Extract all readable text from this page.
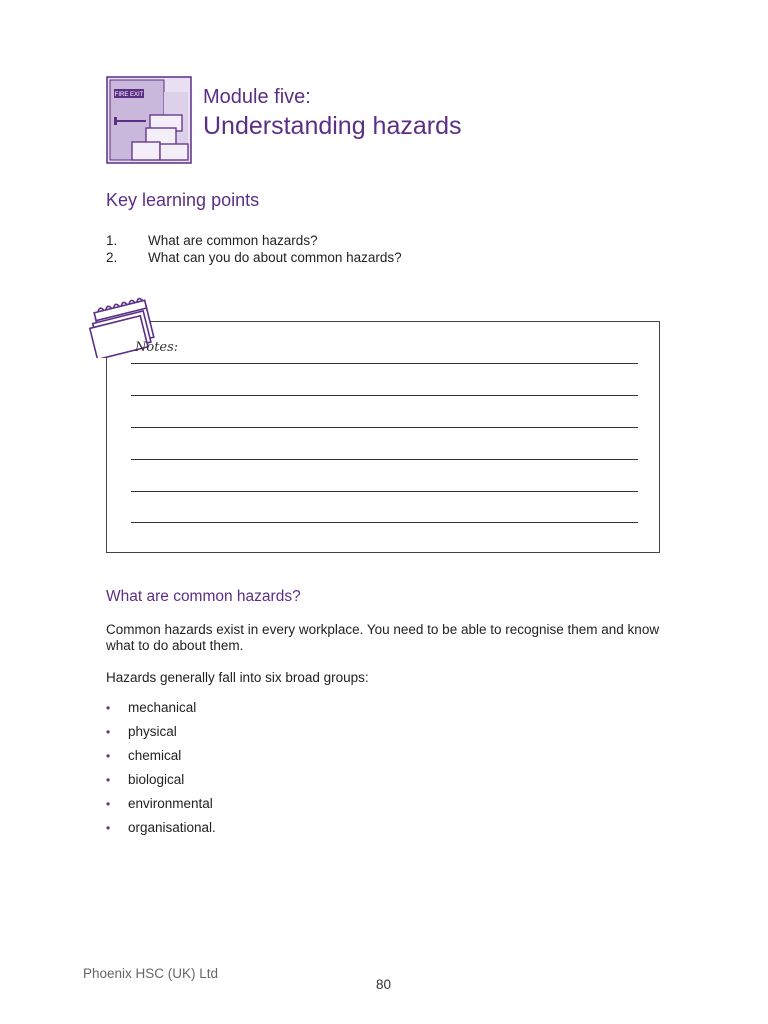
FIRE EXIT	Module five:
Understanding hazards
Key learning points
1. What are common hazards?
2. What can you do about common hazards?
Notes:
What are common hazards?
Common hazards exist in every workplace. You need to be able to recognise them and know what to do about them.
Hazards generally fall into six broad groups:
• mechanical
• physical
• chemical
• biological
• environmental
• organisational.
Phoenix HSC (UK) Ltd
80
